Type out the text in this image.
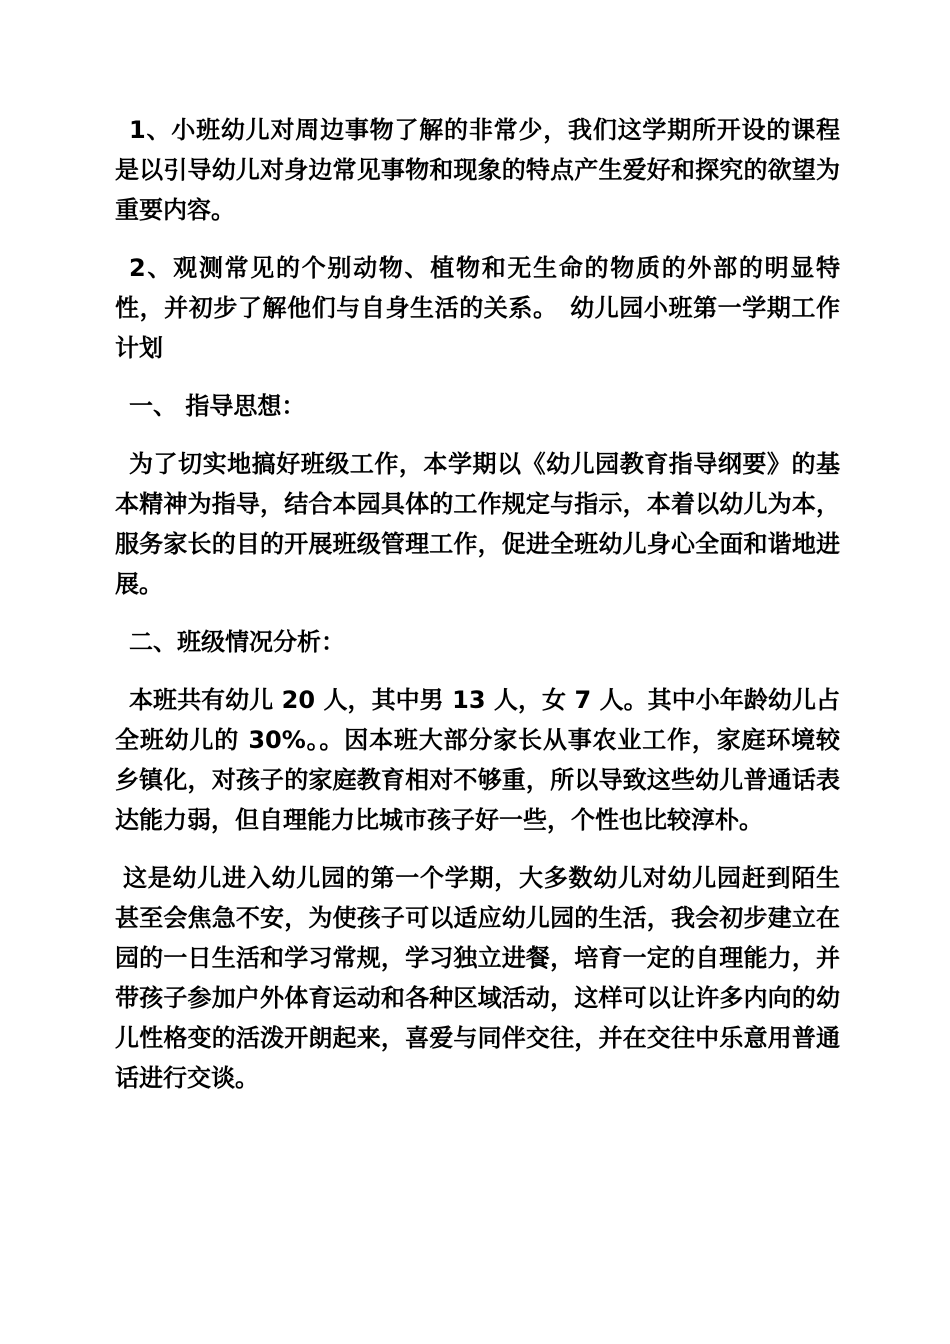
1、小班幼儿对周边事物了解的非常少，我们这学期所开设的课程是以引导幼儿对身边常见事物和现象的特点产生爱好和探究的欲望为重要内容。

2、观测常见的个别动物、植物和无生命的物质的外部的明显特性，并初步了解他们与自身生活的关系。　幼儿园小班第一学期工作计划

一、 指导思想：

为了切实地搞好班级工作，本学期以《幼儿园教育指导纲要》的基本精神为指导，结合本园具体的工作规定与指示，本着以幼儿为本，服务家长的目的开展班级管理工作，促进全班幼儿身心全面和谐地进展。

二、班级情况分析：

本班共有幼儿 20 人，其中男 13 人，女 7 人。其中小年龄幼儿占全班幼儿的 30%。。因本班大部分家长从事农业工作，家庭环境较乡镇化，对孩子的家庭教育相对不够重，所以导致这些幼儿普通话表达能力弱，但自理能力比城市孩子好一些，个性也比较淳朴。

这是幼儿进入幼儿园的第一个学期，大多数幼儿对幼儿园赶到陌生甚至会焦急不安，为使孩子可以适应幼儿园的生活，我会初步建立在园的一日生活和学习常规，学习独立进餐，培育一定的自理能力，并带孩子参加户外体育运动和各种区域活动，这样可以让许多内向的幼儿性格变的活泼开朗起来，喜爱与同伴交往，并在交往中乐意用普通话进行交谈。
